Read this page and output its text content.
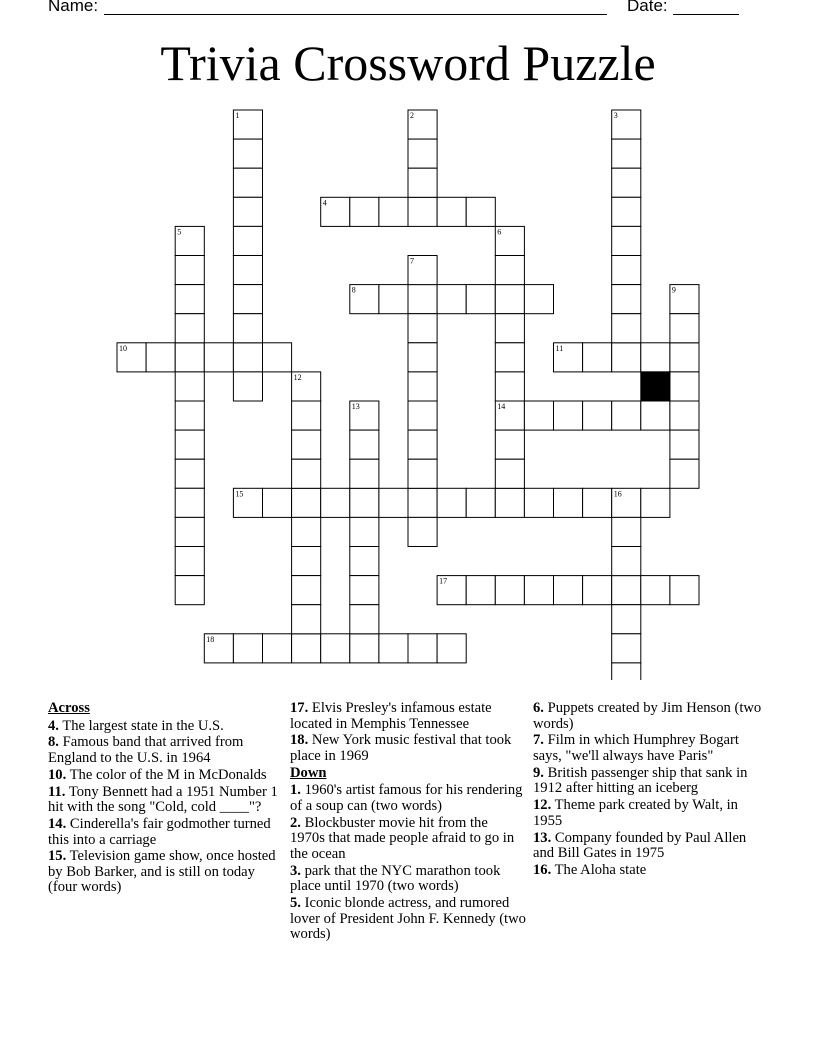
Name:	Date:
Trivia Crossword Puzzle
1	2	3
4
5	6
7
8	9
10	11
12
13	14
15	16
17
18
Across
4. The largest state in the U.S.
8. Famous band that arrived from England to the U.S. in 1964
10. The color of the M in McDonalds
11. Tony Bennett had a 1951 Number 1 hit with the song "Cold, cold ____"?
14. Cinderella's fair godmother turned this into a carriage
15. Television game show, once hosted by Bob Barker, and is still on today (four words)
17. Elvis Presley's infamous estate located in Memphis Tennessee
18. New York music festival that took place in 1969
Down
1. 1960's artist famous for his rendering of a soup can (two words)
2. Blockbuster movie hit from the 1970s that made people afraid to go in the ocean
3. park that the NYC marathon took place until 1970 (two words)
5. Iconic blonde actress, and rumored lover of President John F. Kennedy (two words)
6. Puppets created by Jim Henson (two words)
7. Film in which Humphrey Bogart says, "we'll always have Paris"
9. British passenger ship that sank in 1912 after hitting an iceberg
12. Theme park created by Walt, in 1955
13. Company founded by Paul Allen and Bill Gates in 1975
16. The Aloha state
